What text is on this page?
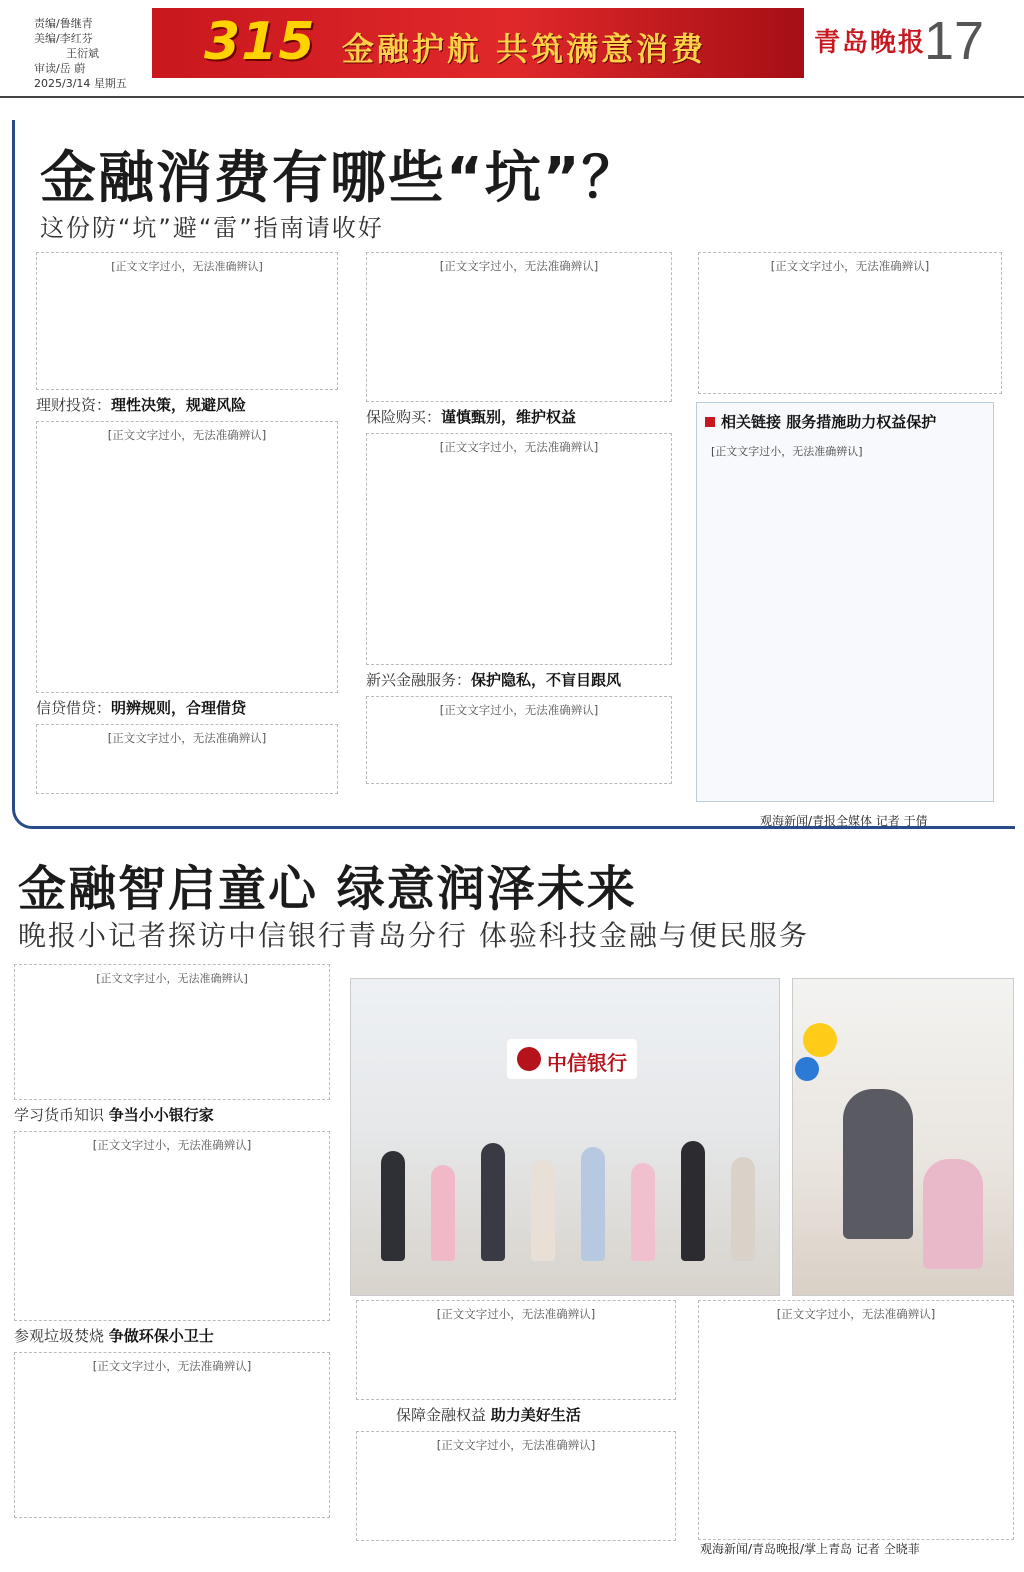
责编/鲁继青
美编/李红芬
王衍斌
审读/岳 蔚
2025/3/14 星期五
315 金融护航 共筑满意消费	青岛晚报
17
金融消费有哪些“坑”？
这份防“坑”避“雷”指南请收好
[正文文字过小，无法准确辨认]
理财投资：理性决策，规避风险
[正文文字过小，无法准确辨认]
信贷借贷：明辨规则，合理借贷
[正文文字过小，无法准确辨认]
[正文文字过小，无法准确辨认]
保险购买：谨慎甄别，维护权益
[正文文字过小，无法准确辨认]
新兴金融服务：保护隐私，不盲目跟风
[正文文字过小，无法准确辨认]
[正文文字过小，无法准确辨认]
相关链接 服务措施助力权益保护
[正文文字过小，无法准确辨认]
观海新闻/青报全媒体 记者 于倩
金融智启童心 绿意润泽未来
晚报小记者探访中信银行青岛分行 体验科技金融与便民服务
[正文文字过小，无法准确辨认]
学习货币知识 争当小小银行家
[正文文字过小，无法准确辨认]
参观垃圾焚烧 争做环保小卫士
[正文文字过小，无法准确辨认]
中信银行
[正文文字过小，无法准确辨认]
保障金融权益 助力美好生活
[正文文字过小，无法准确辨认]
[正文文字过小，无法准确辨认]
观海新闻/青岛晚报/掌上青岛 记者 仝晓菲
